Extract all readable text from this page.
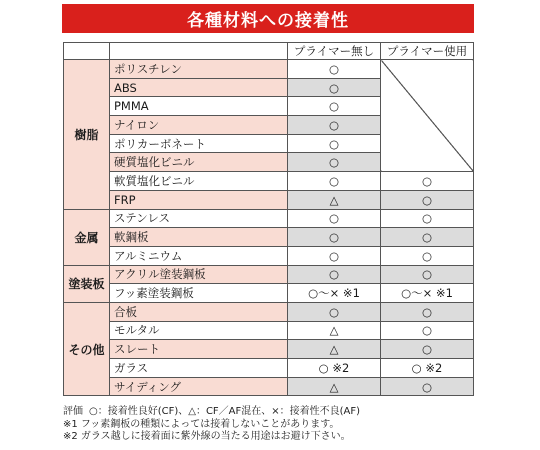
各種材料への接着性
		プライマー無し	プライマー使用
樹脂	ポリスチレン	○	
	ABS	○	
	PMMA	○	
	ナイロン	○	
	ポリカーボネート	○	
	硬質塩化ビニル	○	
	軟質塩化ビニル	○	○
	FRP	△	○
金属	ステンレス	○	○
	軟鋼板	○	○
	アルミニウム	○	○
塗装板	アクリル塗装鋼板	○	○
	フッ素塗装鋼板	○～× ※1	○～× ※1
その他	合板	○	○
	モルタル	△	○
	スレート	△	○
	ガラス	○ ※2	○ ※2
	サイディング	△	○
評価 ○：接着性良好(CF)、△：CF／AF混在、×：接着性不良(AF)
※1 フッ素鋼板の種類によっては接着しないことがあります。
※2 ガラス越しに接着面に紫外線の当たる用途はお避け下さい。
